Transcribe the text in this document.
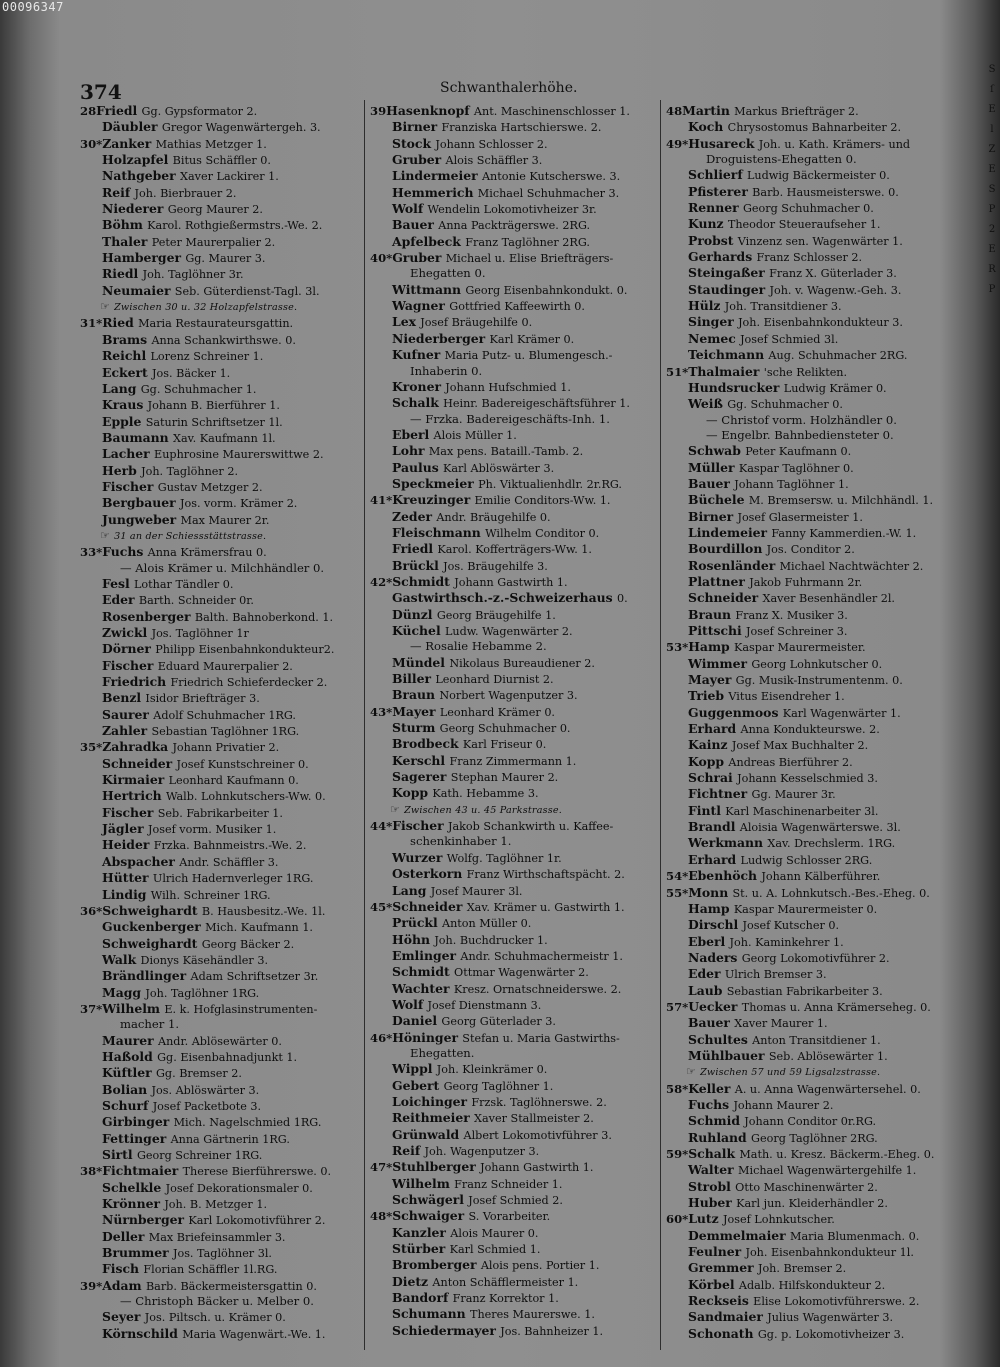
00096347
374	Schwanthalerhöhe.
28Friedl Gg. Gypsformator 2.
Däubler Gregor Wagenwärtergeh. 3.
30*Zanker Mathias Metzger 1.
Holzapfel Bitus Schäffler 0.
Nathgeber Xaver Lackirer 1.
Reif Joh. Bierbrauer 2.
Niederer Georg Maurer 2.
Böhm Karol. Rothgießermstrs.-We. 2.
Thaler Peter Maurerpalier 2.
Hamberger Gg. Maurer 3.
Riedl Joh. Taglöhner 3r.
Neumaier Seb. Güterdienst-Tagl. 3l.
☞ Zwischen 30 u. 32 Holzapfelstrasse.
31*Ried Maria Restaurateursgattin.
Brams Anna Schankwirthswe. 0.
Reichl Lorenz Schreiner 1.
Eckert Jos. Bäcker 1.
Lang Gg. Schuhmacher 1.
Kraus Johann B. Bierführer 1.
Epple Saturin Schriftsetzer 1l.
Baumann Xav. Kaufmann 1l.
Lacher Euphrosine Maurerswittwe 2.
Herb Joh. Taglöhner 2.
Fischer Gustav Metzger 2.
Bergbauer Jos. vorm. Krämer 2.
Jungweber Max Maurer 2r.
☞ 31 an der Schiessstättstrasse.
33*Fuchs Anna Krämersfrau 0.
— Alois Krämer u. Milchhändler 0.
Fesl Lothar Tändler 0.
Eder Barth. Schneider 0r.
Rosenberger Balth. Bahnoberkond. 1.
Zwickl Jos. Taglöhner 1r
Dörner Philipp Eisenbahnkondukteur2.
Fischer Eduard Maurerpalier 2.
Friedrich Friedrich Schieferdecker 2.
Benzl Isidor Briefträger 3.
Saurer Adolf Schuhmacher 1RG.
Zahler Sebastian Taglöhner 1RG.
35*Zahradka Johann Privatier 2.
Schneider Josef Kunstschreiner 0.
Kirmaier Leonhard Kaufmann 0.
Hertrich Walb. Lohnkutschers-Ww. 0.
Fischer Seb. Fabrikarbeiter 1.
Jägler Josef vorm. Musiker 1.
Heider Frzka. Bahnmeistrs.-We. 2.
Abspacher Andr. Schäffler 3.
Hütter Ulrich Hadernverleger 1RG.
Lindig Wilh. Schreiner 1RG.
36*Schweighardt B. Hausbesitz.-We. 1l.
Guckenberger Mich. Kaufmann 1.
Schweighardt Georg Bäcker 2.
Walk Dionys Käsehändler 3.
Brändlinger Adam Schriftsetzer 3r.
Magg Joh. Taglöhner 1RG.
37*Wilhelm E. k. Hofglasinstrumenten-
macher 1.
Maurer Andr. Ablösewärter 0.
Haßold Gg. Eisenbahnadjunkt 1.
Küftler Gg. Bremser 2.
Bolian Jos. Ablöswärter 3.
Schurf Josef Packetbote 3.
Girbinger Mich. Nagelschmied 1RG.
Fettinger Anna Gärtnerin 1RG.
Sirtl Georg Schreiner 1RG.
38*Fichtmaier Therese Bierführerswe. 0.
Schelkle Josef Dekorationsmaler 0.
Krönner Joh. B. Metzger 1.
Nürnberger Karl Lokomotivführer 2.
Deller Max Briefeinsammler 3.
Brummer Jos. Taglöhner 3l.
Fisch Florian Schäffler 1l.RG.
39*Adam Barb. Bäckermeistersgattin 0.
— Christoph Bäcker u. Melber 0.
Seyer Jos. Piltsch. u. Krämer 0.
Körnschild Maria Wagenwärt.-We. 1.
39Hasenknopf Ant. Maschinenschlosser 1.
Birner Franziska Hartschierswe. 2.
Stock Johann Schlosser 2.
Gruber Alois Schäffler 3.
Lindermeier Antonie Kutscherswe. 3.
Hemmerich Michael Schuhmacher 3.
Wolf Wendelin Lokomotivheizer 3r.
Bauer Anna Packträgerswe. 2RG.
Apfelbeck Franz Taglöhner 2RG.
40*Gruber Michael u. Elise Briefträgers-
Ehegatten 0.
Wittmann Georg Eisenbahnkondukt. 0.
Wagner Gottfried Kaffeewirth 0.
Lex Josef Bräugehilfe 0.
Niederberger Karl Krämer 0.
Kufner Maria Putz- u. Blumengesch.-
Inhaberin 0.
Kroner Johann Hufschmied 1.
Schalk Heinr. Badereigeschäftsführer 1.
— Frzka. Badereigeschäfts-Inh. 1.
Eberl Alois Müller 1.
Lohr Max pens. Bataill.-Tamb. 2.
Paulus Karl Ablöswärter 3.
Speckmeier Ph. Viktualienhdlr. 2r.RG.
41*Kreuzinger Emilie Conditors-Ww. 1.
Zeder Andr. Bräugehilfe 0.
Fleischmann Wilhelm Conditor 0.
Friedl Karol. Kofferträgers-Ww. 1.
Brückl Jos. Bräugehilfe 3.
42*Schmidt Johann Gastwirth 1.
Gastwirthsch.-z.-Schweizerhaus 0.
Dünzl Georg Bräugehilfe 1.
Küchel Ludw. Wagenwärter 2.
— Rosalie Hebamme 2.
Mündel Nikolaus Bureaudiener 2.
Biller Leonhard Diurnist 2.
Braun Norbert Wagenputzer 3.
43*Mayer Leonhard Krämer 0.
Sturm Georg Schuhmacher 0.
Brodbeck Karl Friseur 0.
Kerschl Franz Zimmermann 1.
Sagerer Stephan Maurer 2.
Kopp Kath. Hebamme 3.
☞ Zwischen 43 u. 45 Parkstrasse.
44*Fischer Jakob Schankwirth u. Kaffee-
schenkinhaber 1.
Wurzer Wolfg. Taglöhner 1r.
Osterkorn Franz Wirthschaftspächt. 2.
Lang Josef Maurer 3l.
45*Schneider Xav. Krämer u. Gastwirth 1.
Prückl Anton Müller 0.
Höhn Joh. Buchdrucker 1.
Emlinger Andr. Schuhmachermeistr 1.
Schmidt Ottmar Wagenwärter 2.
Wachter Kresz. Ornatschneiderswe. 2.
Wolf Josef Dienstmann 3.
Daniel Georg Güterlader 3.
46*Höninger Stefan u. Maria Gastwirths-
Ehegatten.
Wippl Joh. Kleinkrämer 0.
Gebert Georg Taglöhner 1.
Loichinger Frzsk. Taglöhnerswe. 2.
Reithmeier Xaver Stallmeister 2.
Grünwald Albert Lokomotivführer 3.
Reif Joh. Wagenputzer 3.
47*Stuhlberger Johann Gastwirth 1.
Wilhelm Franz Schneider 1.
Schwägerl Josef Schmied 2.
48*Schwaiger S. Vorarbeiter.
Kanzler Alois Maurer 0.
Stürber Karl Schmied 1.
Bromberger Alois pens. Portier 1.
Dietz Anton Schäfflermeister 1.
Bandorf Franz Korrektor 1.
Schumann Theres Maurerswe. 1.
Schiedermayer Jos. Bahnheizer 1.
48Martin Markus Briefträger 2.
Koch Chrysostomus Bahnarbeiter 2.
49*Husareck Joh. u. Kath. Krämers- und
Droguistens-Ehegatten 0.
Schlierf Ludwig Bäckermeister 0.
Pfisterer Barb. Hausmeisterswe. 0.
Renner Georg Schuhmacher 0.
Kunz Theodor Steueraufseher 1.
Probst Vinzenz sen. Wagenwärter 1.
Gerhards Franz Schlosser 2.
Steingaßer Franz X. Güterlader 3.
Staudinger Joh. v. Wagenw.-Geh. 3.
Hülz Joh. Transitdiener 3.
Singer Joh. Eisenbahnkondukteur 3.
Nemec Josef Schmied 3l.
Teichmann Aug. Schuhmacher 2RG.
51*Thalmaier 'sche Relikten.
Hundsrucker Ludwig Krämer 0.
Weiß Gg. Schuhmacher 0.
— Christof vorm. Holzhändler 0.
— Engelbr. Bahnbediensteter 0.
Schwab Peter Kaufmann 0.
Müller Kaspar Taglöhner 0.
Bauer Johann Taglöhner 1.
Büchele M. Bremsersw. u. Milchhändl. 1.
Birner Josef Glasermeister 1.
Lindemeier Fanny Kammerdien.-W. 1.
Bourdillon Jos. Conditor 2.
Rosenländer Michael Nachtwächter 2.
Plattner Jakob Fuhrmann 2r.
Schneider Xaver Besenhändler 2l.
Braun Franz X. Musiker 3.
Pittschi Josef Schreiner 3.
53*Hamp Kaspar Maurermeister.
Wimmer Georg Lohnkutscher 0.
Mayer Gg. Musik-Instrumentenm. 0.
Trieb Vitus Eisendreher 1.
Guggenmoos Karl Wagenwärter 1.
Erhard Anna Kondukteurswe. 2.
Kainz Josef Max Buchhalter 2.
Kopp Andreas Bierführer 2.
Schrai Johann Kesselschmied 3.
Fichtner Gg. Maurer 3r.
Fintl Karl Maschinenarbeiter 3l.
Brandl Aloisia Wagenwärterswe. 3l.
Werkmann Xav. Drechslerm. 1RG.
Erhard Ludwig Schlosser 2RG.
54*Ebenhöch Johann Kälberführer.
55*Monn St. u. A. Lohnkutsch.-Bes.-Eheg. 0.
Hamp Kaspar Maurermeister 0.
Dirschl Josef Kutscher 0.
Eberl Joh. Kaminkehrer 1.
Naders Georg Lokomotivführer 2.
Eder Ulrich Bremser 3.
Laub Sebastian Fabrikarbeiter 3.
57*Uecker Thomas u. Anna Krämerseheg. 0.
Bauer Xaver Maurer 1.
Schultes Anton Transitdiener 1.
Mühlbauer Seb. Ablösewärter 1.
☞ Zwischen 57 und 59 Ligsalzstrasse.
58*Keller A. u. Anna Wagenwärtersehel. 0.
Fuchs Johann Maurer 2.
Schmid Johann Conditor 0r.RG.
Ruhland Georg Taglöhner 2RG.
59*Schalk Math. u. Kresz. Bäckerm.-Eheg. 0.
Walter Michael Wagenwärtergehilfe 1.
Strobl Otto Maschinenwärter 2.
Huber Karl jun. Kleiderhändler 2.
60*Lutz Josef Lohnkutscher.
Demmelmaier Maria Blumenmach. 0.
Feulner Joh. Eisenbahnkondukteur 1l.
Gremmer Joh. Bremser 2.
Körbel Adalb. Hilfskondukteur 2.
Reckseis Elise Lokomotivführerswe. 2.
Sandmaier Julius Wagenwärter 3.
Schonath Gg. p. Lokomotivheizer 3.
S
ſ
E
l
Z
E
S
P
2
E
R
P
